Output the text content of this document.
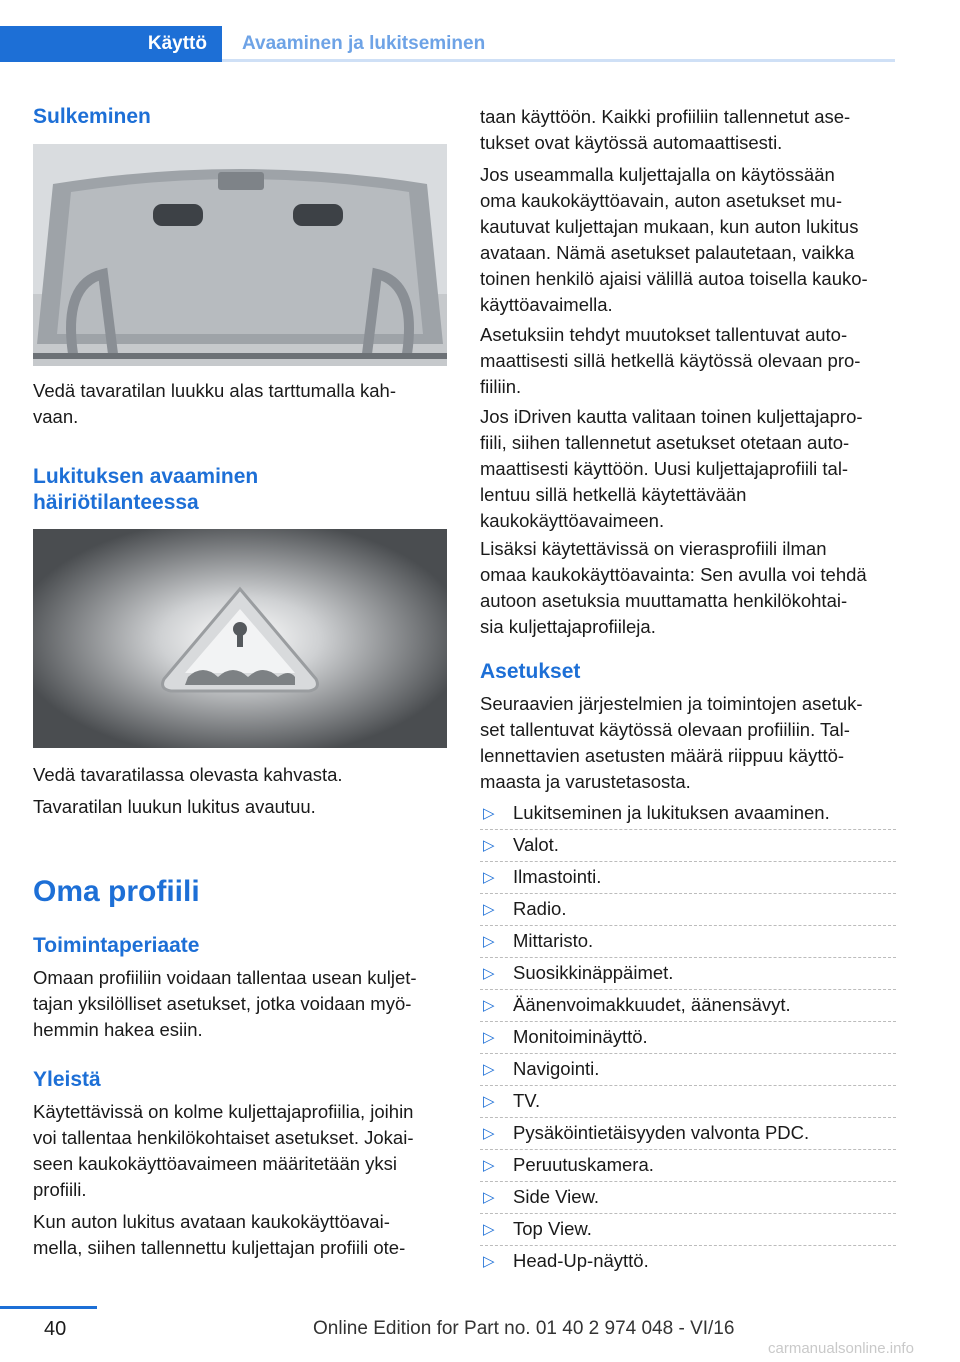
Käyttö	Avaaminen ja lukitseminen
Sulkeminen

Vedä tavaratilan luukku alas tarttumalla kah-
vaan.

Lukituksen avaaminen
häiriötilanteessa

Vedä tavaratilassa olevasta kahvasta.

Tavaratilan luukun lukitus avautuu.

Oma profiili
Toimintaperiaate

Omaan profiiliin voidaan tallentaa usean kuljet-
tajan yksilölliset asetukset, jotka voidaan myö-
hemmin hakea esiin.

Yleistä

Käytettävissä on kolme kuljettajaprofiilia, joihin
voi tallentaa henkilökohtaiset asetukset. Jokai-
seen kaukokäyttöavaimeen määritetään yksi
profiili.

Kun auton lukitus avataan kaukokäyttöavai-
mella, siihen tallennettu kuljettajan profiili ote-

taan käyttöön. Kaikki profiiliin tallennetut ase-
tukset ovat käytössä automaattisesti.

Jos useammalla kuljettajalla on käytössään
oma kaukokäyttöavain, auton asetukset mu-
kautuvat kuljettajan mukaan, kun auton lukitus
avataan. Nämä asetukset palautetaan, vaikka
toinen henkilö ajaisi välillä autoa toisella kauko-
käyttöavaimella.

Asetuksiin tehdyt muutokset tallentuvat auto-
maattisesti sillä hetkellä käytössä olevaan pro-
fiiliin.

Jos iDriven kautta valitaan toinen kuljettajapro-
fiili, siihen tallennetut asetukset otetaan auto-
maattisesti käyttöön. Uusi kuljettajaprofiili tal-
lentuu sillä hetkellä käytettävään
kaukokäyttöavaimeen.

Lisäksi käytettävissä on vierasprofiili ilman
omaa kaukokäyttöavainta: Sen avulla voi tehdä
autoon asetuksia muuttamatta henkilökohtai-
sia kuljettajaprofiileja.

Asetukset

Seuraavien järjestelmien ja toimintojen asetuk-
set tallentuvat käytössä olevaan profiiliin. Tal-
lennettavien asetusten määrä riippuu käyttö-
maasta ja varustetasosta.

▷ Lukitseminen ja lukituksen avaaminen.
▷ Valot.
▷ Ilmastointi.
▷ Radio.
▷ Mittaristo.
▷ Suosikkinäppäimet.
▷ Äänenvoimakkuudet, äänensävyt.
▷ Monitoiminäyttö.
▷ Navigointi.
▷ TV.
▷ Pysäköintietäisyyden valvonta PDC.
▷ Peruutuskamera.
▷ Side View.
▷ Top View.
▷ Head-Up-näyttö.
40	Online Edition for Part no. 01 40 2 974 048 - VI/16
carmanualsonline.info
